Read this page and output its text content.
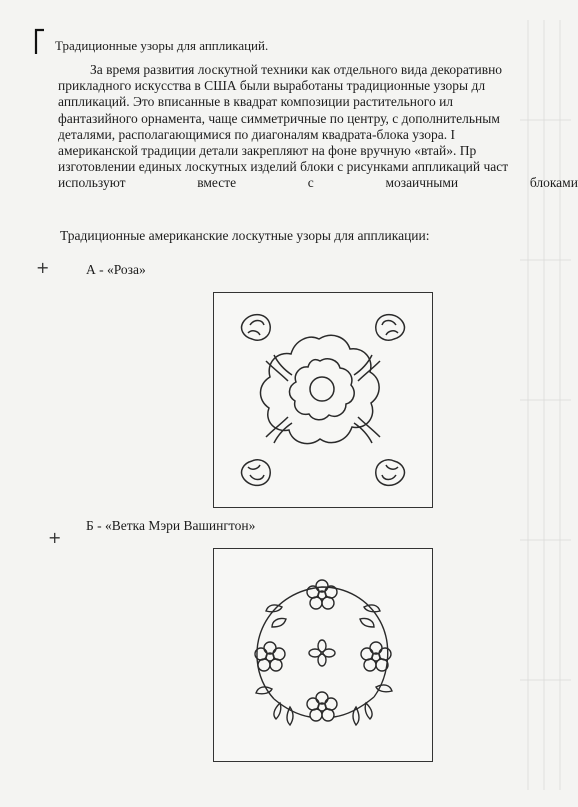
Традиционные узоры для аппликаций.
За время развития лоскутной техники как отдельного вида декоративно
прикладного искусства в США были выработаны традиционные узоры дл
аппликаций. Это вписанные в квадрат композиции растительного ил
фантазийного орнамента, чаще симметричные по центру, с дополнительным
деталями, располагающимися по диагоналям квадрата-блока узора. I
американской традиции детали закрепляют на фоне вручную «втай». Пр
изготовлении единых лоскутных изделий блоки с рисунками аппликаций част
используют	вместе	с	мозаичными	блоками
Традиционные американские лоскутные узоры для аппликации:
+	А - «Роза»
+
Б - «Ветка Мэри Вашингтон»
